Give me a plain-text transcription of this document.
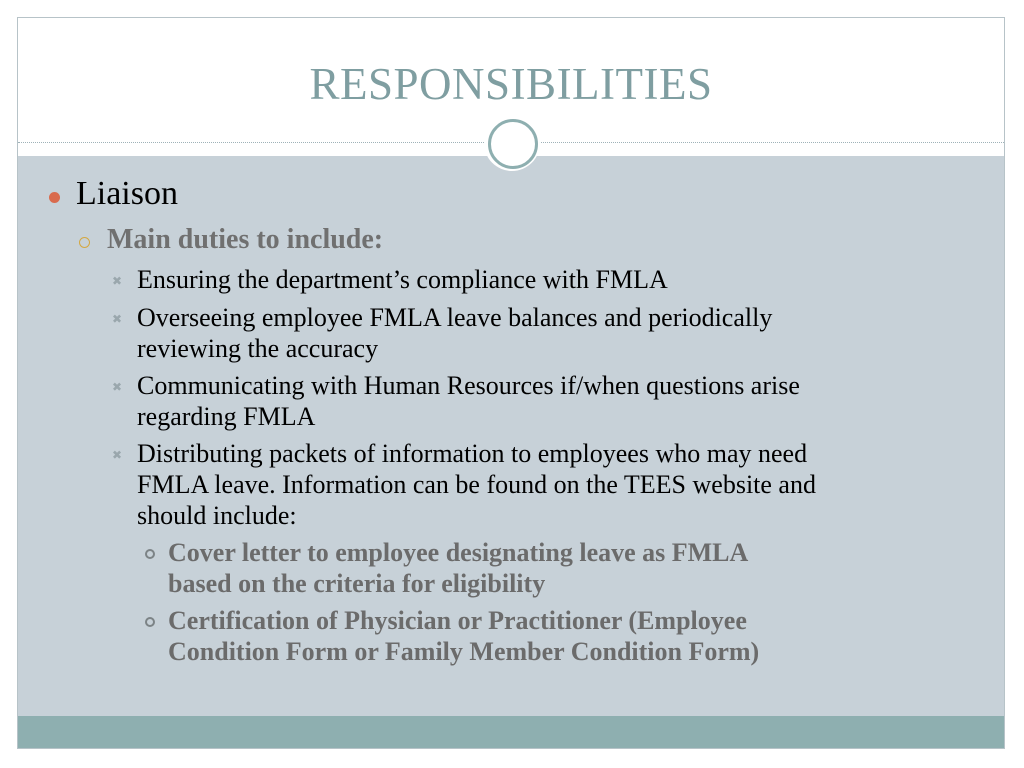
RESPONSIBILITIES
Liaison
Main duties to include:
✖ Ensuring the department’s compliance with FMLA
✖ Overseeing employee FMLA leave balances and periodically
reviewing the accuracy
✖ Communicating with Human Resources if/when questions arise
regarding FMLA
✖ Distributing packets of information to employees who may need
FMLA leave. Information can be found on the TEES website and
should include:
Cover letter to employee designating leave as FMLA
based on the criteria for eligibility
Certification of Physician or Practitioner (Employee
Condition Form or Family Member Condition Form)
